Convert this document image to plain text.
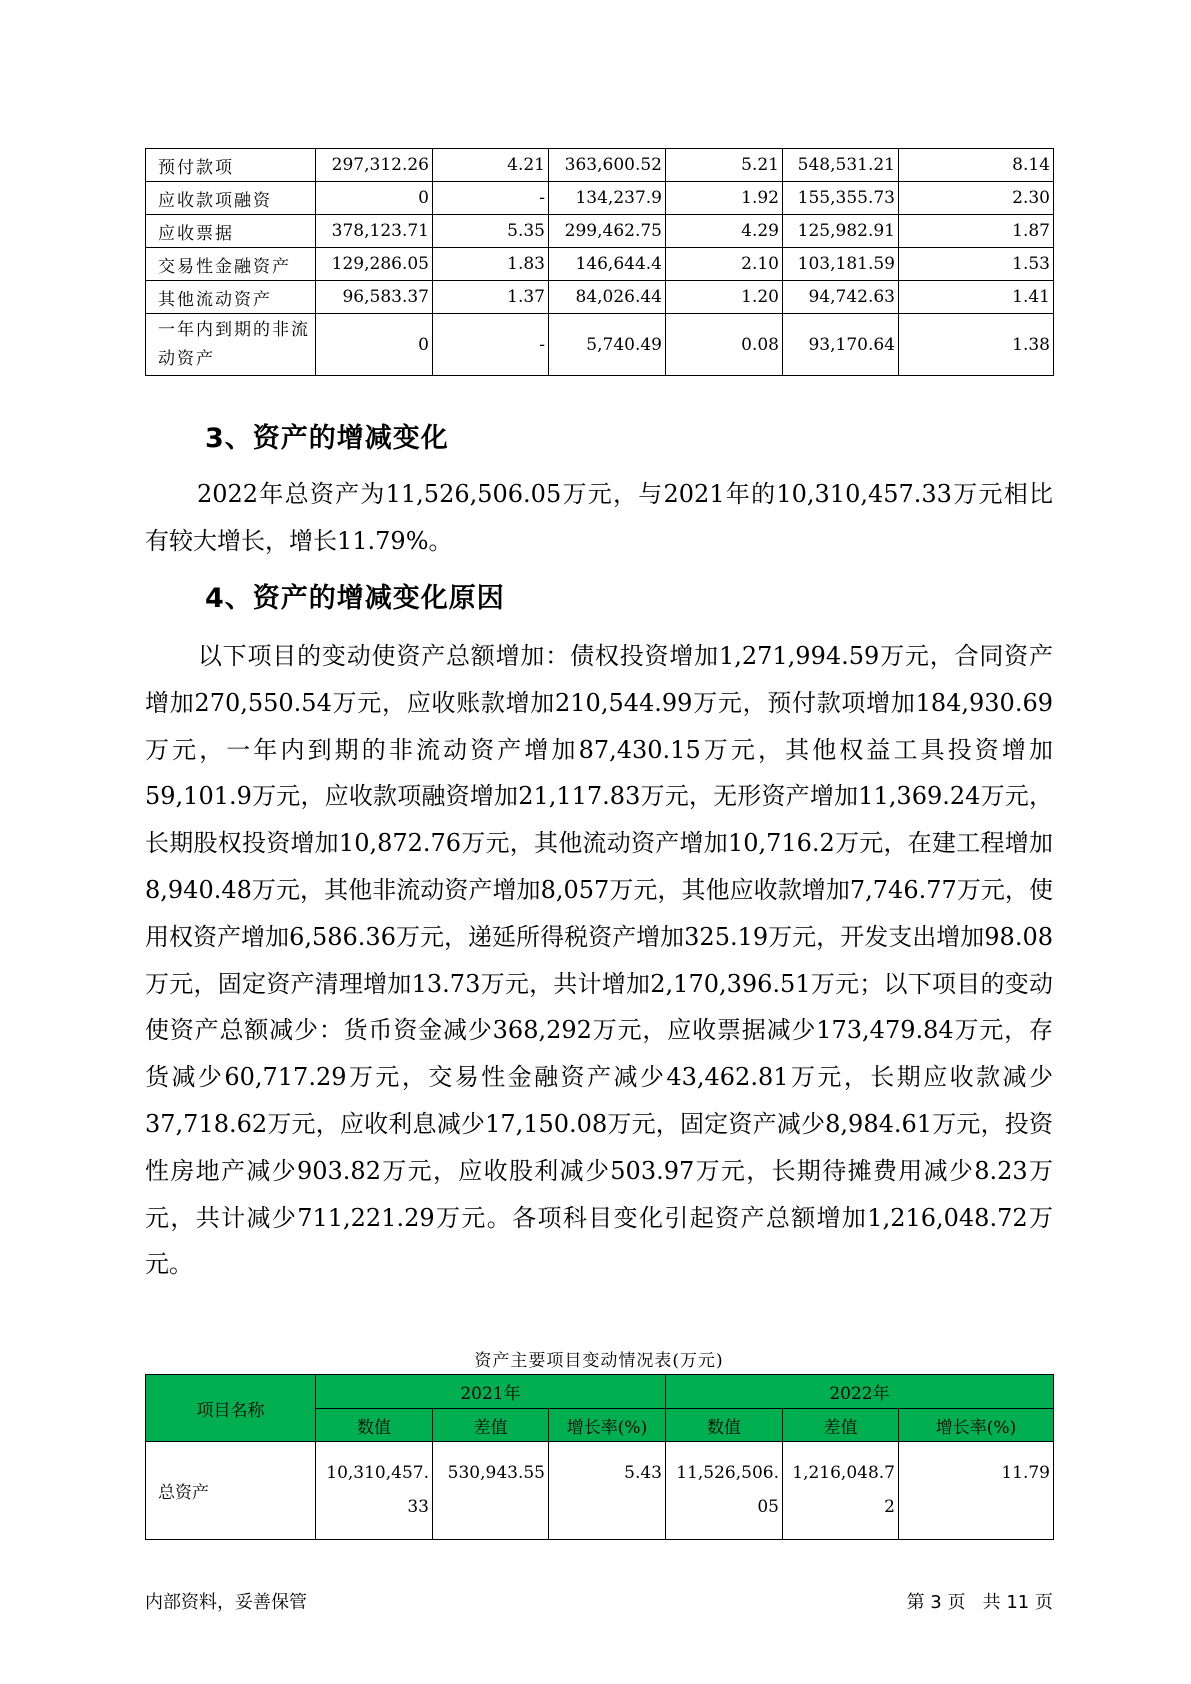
预付款项	297,312.26	4.21	363,600.52	5.21	548,531.21	8.14
应收款项融资	0	-	134,237.9	1.92	155,355.73	2.30
应收票据	378,123.71	5.35	299,462.75	4.29	125,982.91	1.87
交易性金融资产	129,286.05	1.83	146,644.4	2.10	103,181.59	1.53
其他流动资产	96,583.37	1.37	84,026.44	1.20	94,742.63	1.41
一年内到期的非流动资产	0	-	5,740.49	0.08	93,170.64	1.38
3、资产的增减变化

2022年总资产为11,526,506.05万元，与2021年的10,310,457.33万元相比有较大增长，增长11.79%。

4、资产的增减变化原因

以下项目的变动使资产总额增加：债权投资增加1,271,994.59万元，合同资产增加270,550.54万元，应收账款增加210,544.99万元，预付款项增加184,930.69万元，一年内到期的非流动资产增加87,430.15万元，其他权益工具投资增加59,101.9万元，应收款项融资增加21,117.83万元，无形资产增加11,369.24万元，长期股权投资增加10,872.76万元，其他流动资产增加10,716.2万元，在建工程增加8,940.48万元，其他非流动资产增加8,057万元，其他应收款增加7,746.77万元，使用权资产增加6,586.36万元，递延所得税资产增加325.19万元，开发支出增加98.08万元，固定资产清理增加13.73万元，共计增加2,170,396.51万元；以下项目的变动使资产总额减少：货币资金减少368,292万元，应收票据减少173,479.84万元，存货减少60,717.29万元，交易性金融资产减少43,462.81万元，长期应收款减少37,718.62万元，应收利息减少17,150.08万元，固定资产减少8,984.61万元，投资性房地产减少903.82万元，应收股利减少503.97万元，长期待摊费用减少8.23万元，共计减少711,221.29万元。各项科目变化引起资产总额增加1,216,048.72万元。

资产主要项目变动情况表(万元)
项目名称	2021年			2022年		
	数值	差值	增长率(%)	数值	差值	增长率(%)
总资产	10,310,457.33	530,943.55	5.43	11,526,506.05	1,216,048.72	11.79
内部资料，妥善保管	第 3 页   共 11 页
